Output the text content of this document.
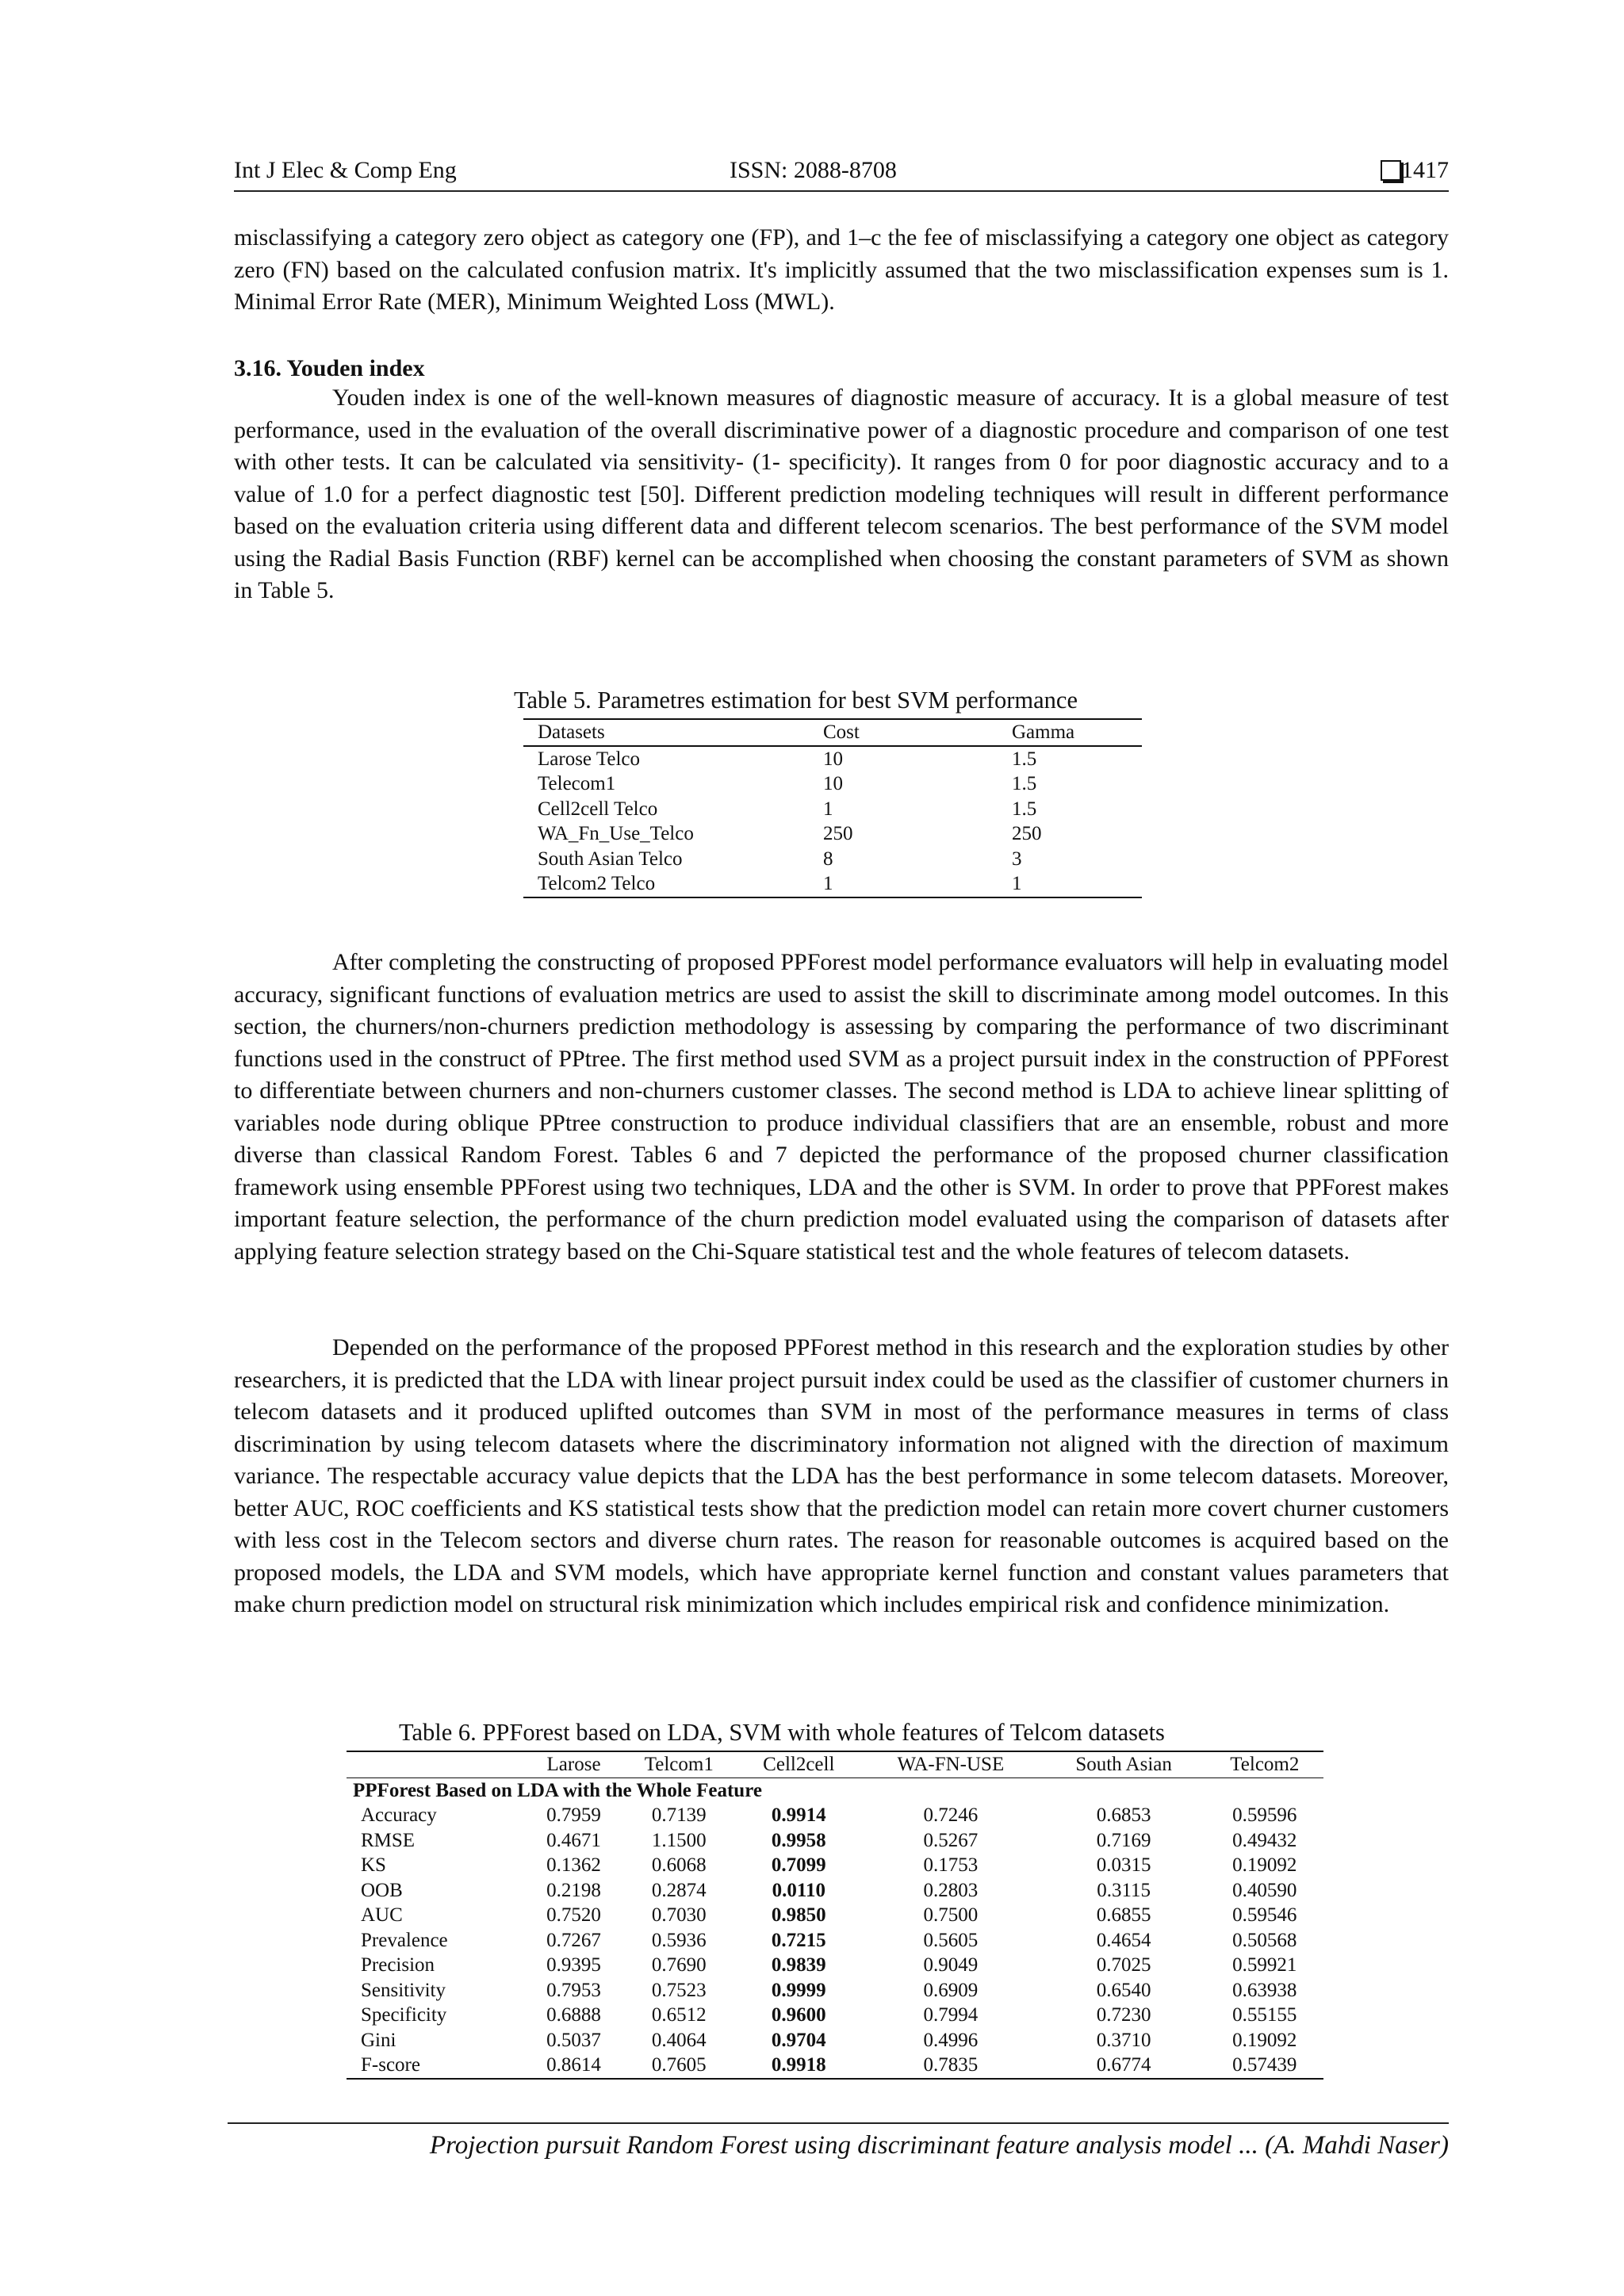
Int J Elec & Comp Eng	ISSN: 2088-8708	1417

misclassifying a category zero object as category one (FP), and 1–c the fee of misclassifying a category one object as category zero (FN) based on the calculated confusion matrix. It's implicitly assumed that the two misclassification expenses sum is 1. Minimal Error Rate (MER), Minimum Weighted Loss (MWL).

3.16. Youden index

Youden index is one of the well-known measures of diagnostic measure of accuracy. It is a global measure of test performance, used in the evaluation of the overall discriminative power of a diagnostic procedure and comparison of one test with other tests. It can be calculated via sensitivity- (1- specificity). It ranges from 0 for poor diagnostic accuracy and to a value of 1.0 for a perfect diagnostic test [50]. Different prediction modeling techniques will result in different performance based on the evaluation criteria using different data and different telecom scenarios. The best performance of the SVM model using the Radial Basis Function (RBF) kernel can be accomplished when choosing the constant parameters of SVM as shown in Table 5.

Table 5. Parametres estimation for best SVM performance
Datasets	Cost	Gamma
Larose Telco	10	1.5
Telecom1	10	1.5
Cell2cell Telco	1	1.5
WA_Fn_Use_Telco	250	250
South Asian Telco	8	3
Telcom2 Telco	1	1

After completing the constructing of proposed PPForest model performance evaluators will help in evaluating model accuracy, significant functions of evaluation metrics are used to assist the skill to discriminate among model outcomes. In this section, the churners/non-churners prediction methodology is assessing by comparing the performance of two discriminant functions used in the construct of PPtree. The first method used SVM as a project pursuit index in the construction of PPForest to differentiate between churners and non-churners customer classes. The second method is LDA to achieve linear splitting of variables node during oblique PPtree construction to produce individual classifiers that are an ensemble, robust and more diverse than classical Random Forest. Tables 6 and 7 depicted the performance of the proposed churner classification framework using ensemble PPForest using two techniques, LDA and the other is SVM. In order to prove that PPForest makes important feature selection, the performance of the churn prediction model evaluated using the comparison of datasets after applying feature selection strategy based on the Chi-Square statistical test and the whole features of telecom datasets.

Depended on the performance of the proposed PPForest method in this research and the exploration studies by other researchers, it is predicted that the LDA with linear project pursuit index could be used as the classifier of customer churners in telecom datasets and it produced uplifted outcomes than SVM in most of the performance measures in terms of class discrimination by using telecom datasets where the discriminatory information not aligned with the direction of maximum variance. The respectable accuracy value depicts that the LDA has the best performance in some telecom datasets. Moreover, better AUC, ROC coefficients and KS statistical tests show that the prediction model can retain more covert churner customers with less cost in the Telecom sectors and diverse churn rates. The reason for reasonable outcomes is acquired based on the proposed models, the LDA and SVM models, which have appropriate kernel function and constant values parameters that make churn prediction model on structural risk minimization which includes empirical risk and confidence minimization.

Table 6. PPForest based on LDA, SVM with whole features of Telcom datasets
	Larose	Telcom1	Cell2cell	WA-FN-USE	South Asian	Telcom2
PPForest Based on LDA with the Whole Feature						
Accuracy	0.7959	0.7139	0.9914	0.7246	0.6853	0.59596
RMSE	0.4671	1.1500	0.9958	0.5267	0.7169	0.49432
KS	0.1362	0.6068	0.7099	0.1753	0.0315	0.19092
OOB	0.2198	0.2874	0.0110	0.2803	0.3115	0.40590
AUC	0.7520	0.7030	0.9850	0.7500	0.6855	0.59546
Prevalence	0.7267	0.5936	0.7215	0.5605	0.4654	0.50568
Precision	0.9395	0.7690	0.9839	0.9049	0.7025	0.59921
Sensitivity	0.7953	0.7523	0.9999	0.6909	0.6540	0.63938
Specificity	0.6888	0.6512	0.9600	0.7994	0.7230	0.55155
Gini	0.5037	0.4064	0.9704	0.4996	0.3710	0.19092
F-score	0.8614	0.7605	0.9918	0.7835	0.6774	0.57439
Projection pursuit Random Forest using discriminant feature analysis model ... (A. Mahdi Naser)
